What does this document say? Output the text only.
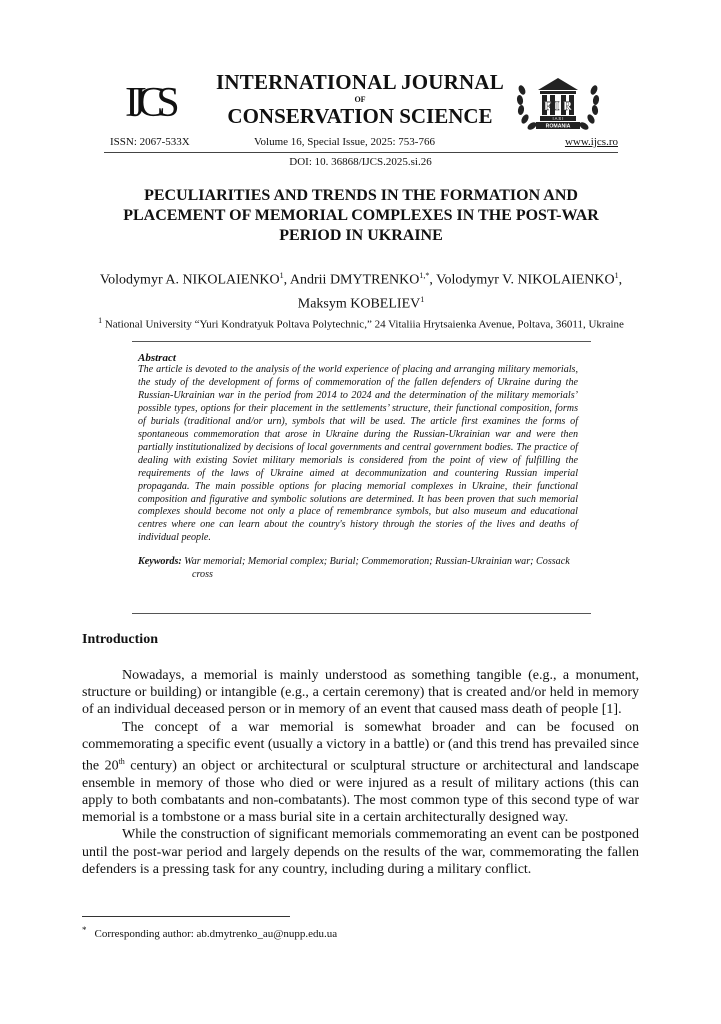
IJCS	INTERNATIONAL JOURNAL
OF
CONSERVATION SCIENCE	F I R
I A S I
ROMANIA
ISSN: 2067-533X	Volume 16, Special Issue, 2025: 753-766	www.ijcs.ro
DOI: 10. 36868/IJCS.2025.si.26
PECULIARITIES AND TRENDS IN THE FORMATION AND PLACEMENT OF MEMORIAL COMPLEXES IN THE POST-WAR PERIOD IN UKRAINE
Volodymyr A. NIKOLAIENKO$^1$, Andrii $DMYTRENKO^{1,*}$, Volodymyr V. NIKOLAIENKO$^1$,
Maksym KOBELIEV$^1$
$^1$ National University “Yuri Kondratyuk Poltava Polytechnic,” 24 Vitaliia Hrytsaienka Avenue, Poltava, 36011, Ukraine
Abstract

The article is devoted to the analysis of the world experience of placing and arranging military memorials, the study of the development of forms of commemoration of the fallen defenders of Ukraine during the Russian-Ukrainian war in the period from 2014 to 2024 and the determination of the military memorials’ possible types, options for their placement in the settlements’ structure, their functional composition, forms of burials (traditional and/or urn), symbols that will be used. The article first examines the forms of spontaneous commemoration that arose in Ukraine during the Russian-Ukrainian war and were then partially institutionalized by decisions of local governments and central government bodies. The practice of dealing with existing Soviet military memorials is considered from the point of view of fulfilling the requirements of the laws of Ukraine aimed at decommunization and countering Russian imperial propaganda. The main possible options for placing memorial complexes in Ukraine, their functional composition and figurative and symbolic solutions are determined. It has been proven that such memorial complexes should become not only a place of remembrance symbols, but also museum and educational centres where one can learn about the country's history through the stories of the lives and deaths of individual people.

Keywords: War memorial; Memorial complex; Burial; Commemoration; Russian-Ukrainian war; Cossack cross
Introduction

Nowadays, a memorial is mainly understood as something tangible (e.g., a monument, structure or building) or intangible (e.g., a certain ceremony) that is created and/or held in memory of an individual deceased person or in memory of an event that caused mass death of people [1].

The concept of a war memorial is somewhat broader and can be focused on commemorating a specific event (usually a victory in a battle) or (and this trend has prevailed since the 20th century) an object or architectural or sculptural structure or architectural and landscape ensemble in memory of those who died or were injured as a result of military actions (this can apply to both combatants and non-combatants). The most common type of this second type of war memorial is a tombstone or a mass burial site in a certain architecturally designed way.

While the construction of significant memorials commemorating an event can be postponed until the post-war period and largely depends on the results of the war, commemorating the fallen defenders is a pressing task for any country, including during a military conflict.

* Corresponding author: ab.dmytrenko_au@nupp.edu.ua
